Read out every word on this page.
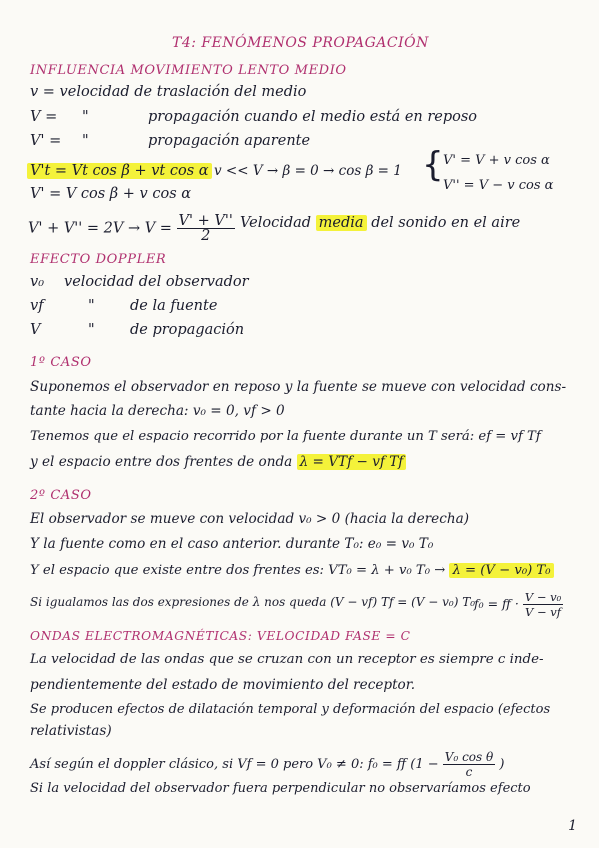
T4: FENÓMENOS PROPAGACIÓN
INFLUENCIA MOVIMIENTO LENTO MEDIO
v = velocidad de traslación del medio
V = "	propagación cuando el medio está en reposo
V' = "	propagación aparente
V't = Vt cos β + vt cos α v << V → β = 0 → cos β = 1 { V' = V + v cos α
V'' = V − v cos α
V' = V cos β + v cos α
$V' + V'' = 2V \to V = \frac{V' + V''}{2}$ Velocidad media del sonido en el aire
EFECTO DOPPLER
v₀ velocidad del observador
vf	" de la fuente
V	" de propagación
1º CASO
Suponemos el observador en reposo y la fuente se mueve con velocidad cons-
tante hacia la derecha: v₀ = 0, vf > 0
Tenemos que el espacio recorrido por la fuente durante un T será: ef = vf Tf
y el espacio entre dos frentes de onda λ = VTf − vf Tf
2º CASO
El observador se mueve con velocidad v₀ > 0 (hacia la derecha)
Y la fuente como en el caso anterior. durante T₀: e₀ = v₀ T₀
Y el espacio que existe entre dos frentes es: VT₀ = λ + v₀ T₀ → λ = (V − v₀) T₀
Si igualamos las dos expresiones de λ nos queda (V − vf) Tf = (V − v₀) T₀
f₀ = ff · $\frac{\text{V − v₀}}{V - vf}$
ONDAS ELECTROMAGNÉTICAS: VELOCIDAD FASE = C
La velocidad de las ondas que se cruzan con un receptor es siempre c inde-
pendientemente del estado de movimiento del receptor.
Se producen efectos de dilatación temporal y deformación del espacio (efectos
relativistas)
Así según el doppler clásico, si Vf = 0 pero V₀ ≠ 0: f₀ = ff ($1 - \frac{\text{V₀ cos θ}}{c}$ )
Si la velocidad del observador fuera perpendicular no observaríamos efecto
1
